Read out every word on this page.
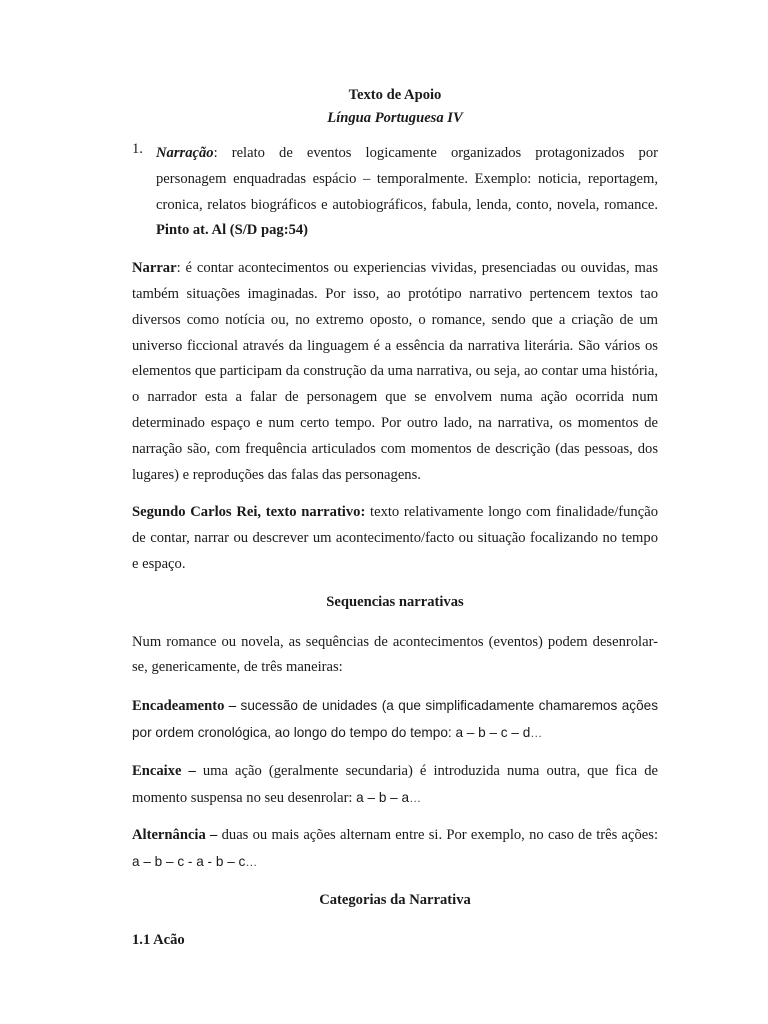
Texto de Apoio

Língua Portuguesa IV

1. Narração: relato de eventos logicamente organizados protagonizados por personagem enquadradas espácio – temporalmente. Exemplo: noticia, reportagem, cronica, relatos biográficos e autobiográficos, fabula, lenda, conto, novela, romance. Pinto at. Al (S/D pag:54)

Narrar: é contar acontecimentos ou experiencias vividas, presenciadas ou ouvidas, mas também situações imaginadas. Por isso, ao protótipo narrativo pertencem textos tao diversos como notícia ou, no extremo oposto, o romance, sendo que a criação de um universo ficcional através da linguagem é a essência da narrativa literária. São vários os elementos que participam da construção da uma narrativa, ou seja, ao contar uma história, o narrador esta a falar de personagem que se envolvem numa ação ocorrida num determinado espaço e num certo tempo. Por outro lado, na narrativa, os momentos de narração são, com frequência articulados com momentos de descrição (das pessoas, dos lugares) e reproduções das falas das personagens.

Segundo Carlos Rei, texto narrativo: texto relativamente longo com finalidade/função de contar, narrar ou descrever um acontecimento/facto ou situação focalizando no tempo e espaço.

Sequencias narrativas

Num romance ou novela, as sequências de acontecimentos (eventos) podem desenrolar-se, genericamente, de três maneiras:

Encadeamento – sucessão de unidades (a que simplificadamente chamaremos ações por ordem cronológica, ao longo do tempo do tempo: a – b – c – d…

Encaixe – uma ação (geralmente secundaria) é introduzida numa outra, que fica de momento suspensa no seu desenrolar: a – b – a…

Alternância – duas ou mais ações alternam entre si. Por exemplo, no caso de três ações: a – b – c - a - b – c…

Categorias da Narrativa

1.1 Acão
